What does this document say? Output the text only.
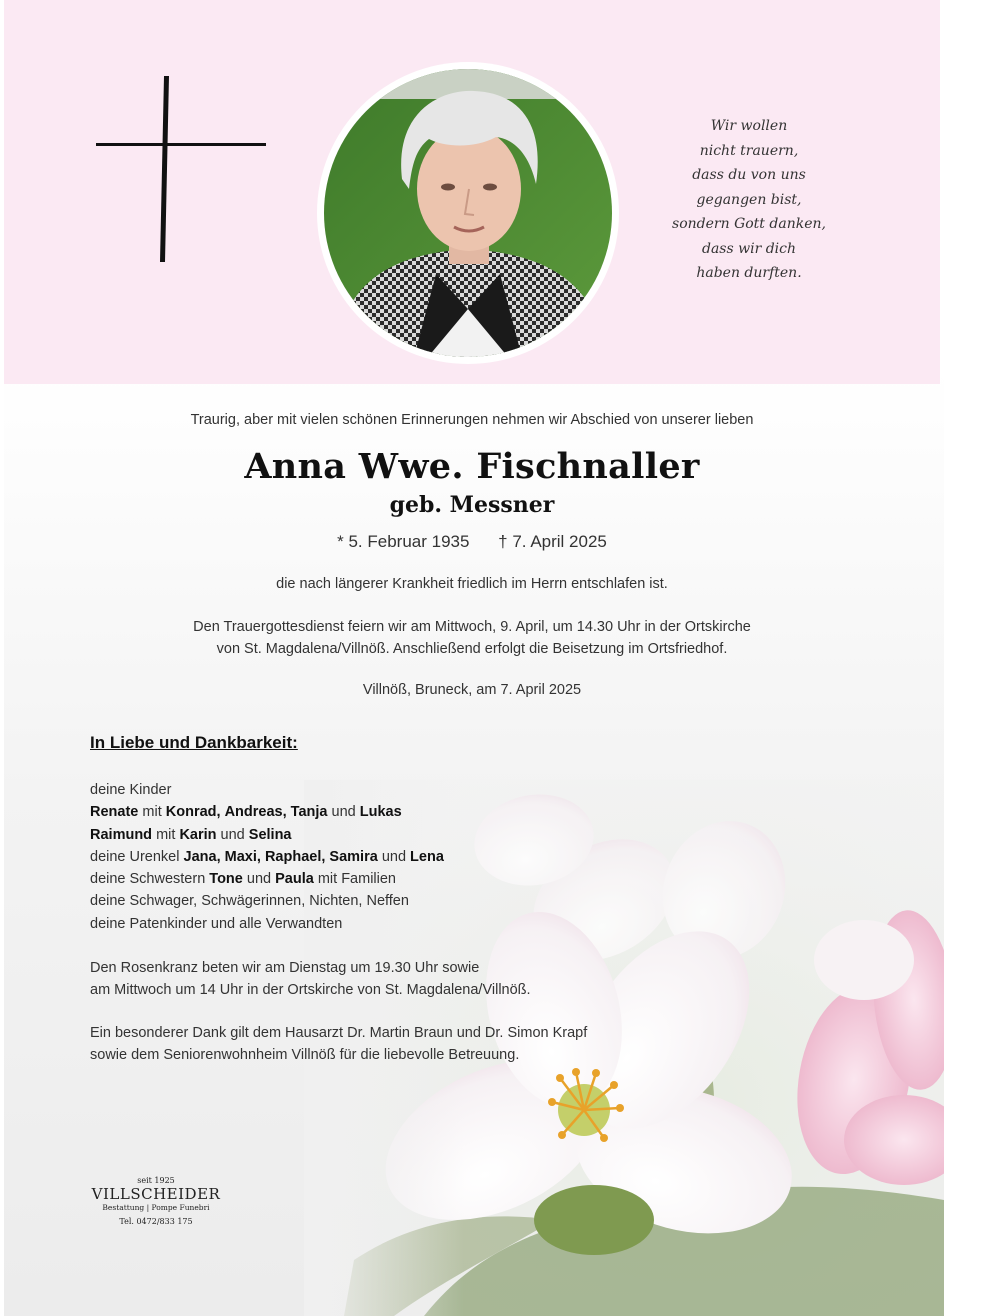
Wir wollen
nicht trauern,
dass du von uns
gegangen bist,
sondern Gott danken,
dass wir dich
haben durften.
Traurig, aber mit vielen schönen Erinnerungen nehmen wir Abschied von unserer lieben
Anna Wwe. Fischnaller
geb. Messner
* 5. Februar 1935 † 7. April 2025
die nach längerer Krankheit friedlich im Herrn entschlafen ist.
Den Trauergottesdienst feiern wir am Mittwoch, 9. April, um 14.30 Uhr in der Ortskirche
von St. Magdalena/Villnöß. Anschließend erfolgt die Beisetzung im Ortsfriedhof.
Villnöß, Bruneck, am 7. April 2025
In Liebe und Dankbarkeit:
deine Kinder
Renate mit Konrad, Andreas, Tanja und Lukas
Raimund mit Karin und Selina
deine Urenkel Jana, Maxi, Raphael, Samira und Lena
deine Schwestern Tone und Paula mit Familien
deine Schwager, Schwägerinnen, Nichten, Neffen
deine Patenkinder und alle Verwandten
Den Rosenkranz beten wir am Dienstag um 19.30 Uhr sowie
am Mittwoch um 14 Uhr in der Ortskirche von St. Magdalena/Villnöß.
Ein besonderer Dank gilt dem Hausarzt Dr. Martin Braun und Dr. Simon Krapf
sowie dem Seniorenwohnheim Villnöß für die liebevolle Betreuung.
seit 1925
VILLSCHEIDER
Bestattung | Pompe Funebri
Tel. 0472/833 175
